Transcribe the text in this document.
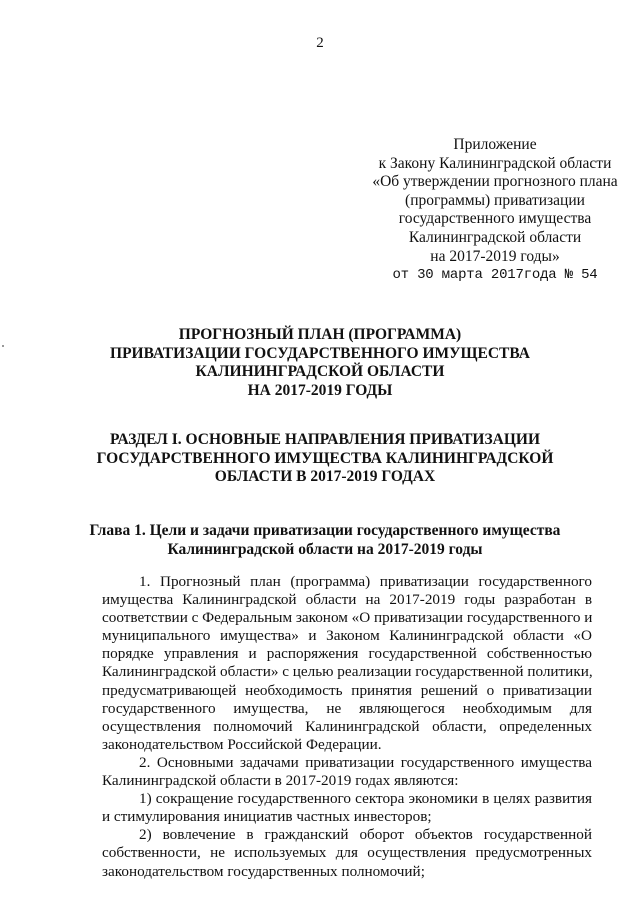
2
Приложение
к Закону Калининградской области
«Об утверждении прогнозного плана
(программы) приватизации
государственного имущества
Калининградской области
на 2017-2019 годы»
от 30 марта 2017года № 54
ПРОГНОЗНЫЙ ПЛАН (ПРОГРАММА)
ПРИВАТИЗАЦИИ ГОСУДАРСТВЕННОГО ИМУЩЕСТВА
КАЛИНИНГРАДСКОЙ ОБЛАСТИ
НА 2017-2019 ГОДЫ
РАЗДЕЛ I. ОСНОВНЫЕ НАПРАВЛЕНИЯ ПРИВАТИЗАЦИИ
ГОСУДАРСТВЕННОГО ИМУЩЕСТВА КАЛИНИНГРАДСКОЙ
ОБЛАСТИ В 2017-2019 ГОДАХ
Глава 1. Цели и задачи приватизации государственного имущества
Калининградской области на 2017-2019 годы
1. Прогнозный план (программа) приватизации государственного
имущества Калининградской области на 2017-2019 годы разработан в
соответствии с Федеральным законом «О приватизации государственного и
муниципального имущества» и Законом Калининградской области «О
порядке управления и распоряжения государственной собственностью
Калининградской области» с целью реализации государственной политики,
предусматривающей необходимость принятия решений о приватизации
государственного имущества, не являющегося необходимым для
осуществления полномочий Калининградской области, определенных
законодательством Российской Федерации.
2. Основными задачами приватизации государственного имущества
Калининградской области в 2017-2019 годах являются:
1) сокращение государственного сектора экономики в целях развития
и стимулирования инициатив частных инвесторов;
2) вовлечение в гражданский оборот объектов государственной
собственности, не используемых для осуществления предусмотренных
законодательством государственных полномочий;
